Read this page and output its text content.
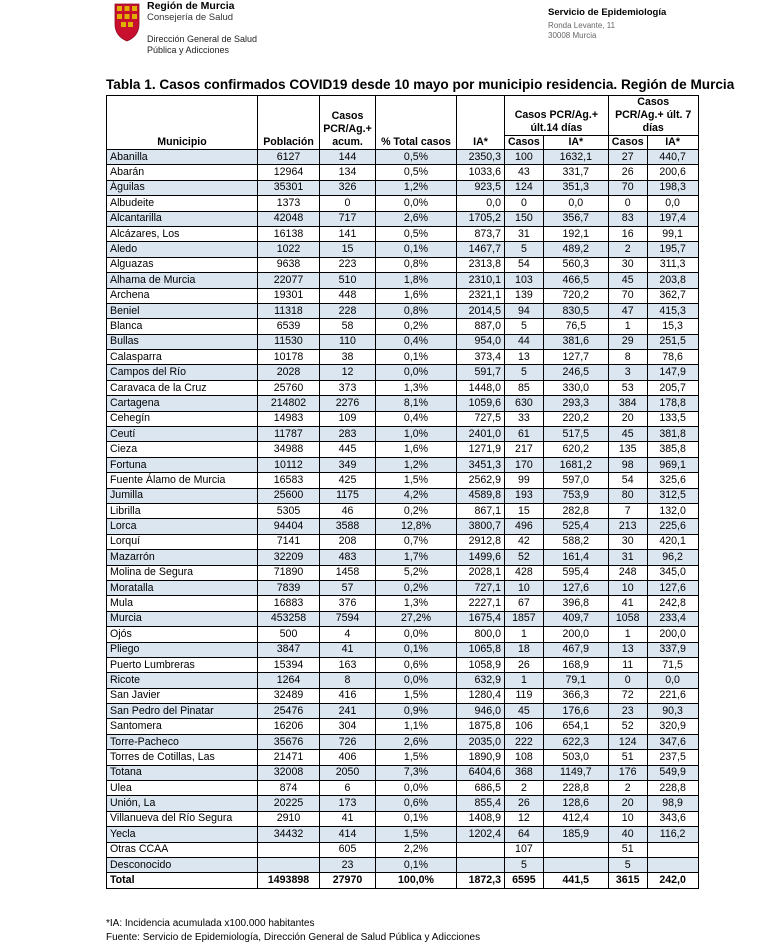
Región de Murcia
Consejería de Salud
Dirección General de Salud
Pública y Adicciones
Servicio de Epidemiología
Ronda Levante, 11
30008 Murcia
Tabla 1. Casos confirmados COVID19 desde 10 mayo por municipio residencia. Región de Murcia
Municipio	Población	Casos PCR/Ag.+ acum.	% Total casos	IA*	Casos PCR/Ag.+ últ.14 días		Casos PCR/Ag.+ últ. 7 días	
					Casos	IA*	Casos	IA*
Abanilla	6127	144	0,5%	2350,3	100	1632,1	27	440,7
Abarán	12964	134	0,5%	1033,6	43	331,7	26	200,6
Águilas	35301	326	1,2%	923,5	124	351,3	70	198,3
Albudeite	1373	0	0,0%	0,0	0	0,0	0	0,0
Alcantarilla	42048	717	2,6%	1705,2	150	356,7	83	197,4
Alcázares, Los	16138	141	0,5%	873,7	31	192,1	16	99,1
Aledo	1022	15	0,1%	1467,7	5	489,2	2	195,7
Alguazas	9638	223	0,8%	2313,8	54	560,3	30	311,3
Alhama de Murcia	22077	510	1,8%	2310,1	103	466,5	45	203,8
Archena	19301	448	1,6%	2321,1	139	720,2	70	362,7
Beniel	11318	228	0,8%	2014,5	94	830,5	47	415,3
Blanca	6539	58	0,2%	887,0	5	76,5	1	15,3
Bullas	11530	110	0,4%	954,0	44	381,6	29	251,5
Calasparra	10178	38	0,1%	373,4	13	127,7	8	78,6
Campos del Río	2028	12	0,0%	591,7	5	246,5	3	147,9
Caravaca de la Cruz	25760	373	1,3%	1448,0	85	330,0	53	205,7
Cartagena	214802	2276	8,1%	1059,6	630	293,3	384	178,8
Cehegín	14983	109	0,4%	727,5	33	220,2	20	133,5
Ceutí	11787	283	1,0%	2401,0	61	517,5	45	381,8
Cieza	34988	445	1,6%	1271,9	217	620,2	135	385,8
Fortuna	10112	349	1,2%	3451,3	170	1681,2	98	969,1
Fuente Álamo de Murcia	16583	425	1,5%	2562,9	99	597,0	54	325,6
Jumilla	25600	1175	4,2%	4589,8	193	753,9	80	312,5
Librilla	5305	46	0,2%	867,1	15	282,8	7	132,0
Lorca	94404	3588	12,8%	3800,7	496	525,4	213	225,6
Lorquí	7141	208	0,7%	2912,8	42	588,2	30	420,1
Mazarrón	32209	483	1,7%	1499,6	52	161,4	31	96,2
Molina de Segura	71890	1458	5,2%	2028,1	428	595,4	248	345,0
Moratalla	7839	57	0,2%	727,1	10	127,6	10	127,6
Mula	16883	376	1,3%	2227,1	67	396,8	41	242,8
Murcia	453258	7594	27,2%	1675,4	1857	409,7	1058	233,4
Ojós	500	4	0,0%	800,0	1	200,0	1	200,0
Pliego	3847	41	0,1%	1065,8	18	467,9	13	337,9
Puerto Lumbreras	15394	163	0,6%	1058,9	26	168,9	11	71,5
Ricote	1264	8	0,0%	632,9	1	79,1	0	0,0
San Javier	32489	416	1,5%	1280,4	119	366,3	72	221,6
San Pedro del Pinatar	25476	241	0,9%	946,0	45	176,6	23	90,3
Santomera	16206	304	1,1%	1875,8	106	654,1	52	320,9
Torre-Pacheco	35676	726	2,6%	2035,0	222	622,3	124	347,6
Torres de Cotillas, Las	21471	406	1,5%	1890,9	108	503,0	51	237,5
Totana	32008	2050	7,3%	6404,6	368	1149,7	176	549,9
Ulea	874	6	0,0%	686,5	2	228,8	2	228,8
Unión, La	20225	173	0,6%	855,4	26	128,6	20	98,9
Villanueva del Río Segura	2910	41	0,1%	1408,9	12	412,4	10	343,6
Yecla	34432	414	1,5%	1202,4	64	185,9	40	116,2
Otras CCAA		605	2,2%		107		51	
Desconocido		23	0,1%		5		5	
Total	1493898	27970	100,0%	1872,3	6595	441,5	3615	242,0
*IA: Incidencia acumulada x100.000 habitantes
Fuente: Servicio de Epidemiología, Dirección General de Salud Pública y Adicciones
